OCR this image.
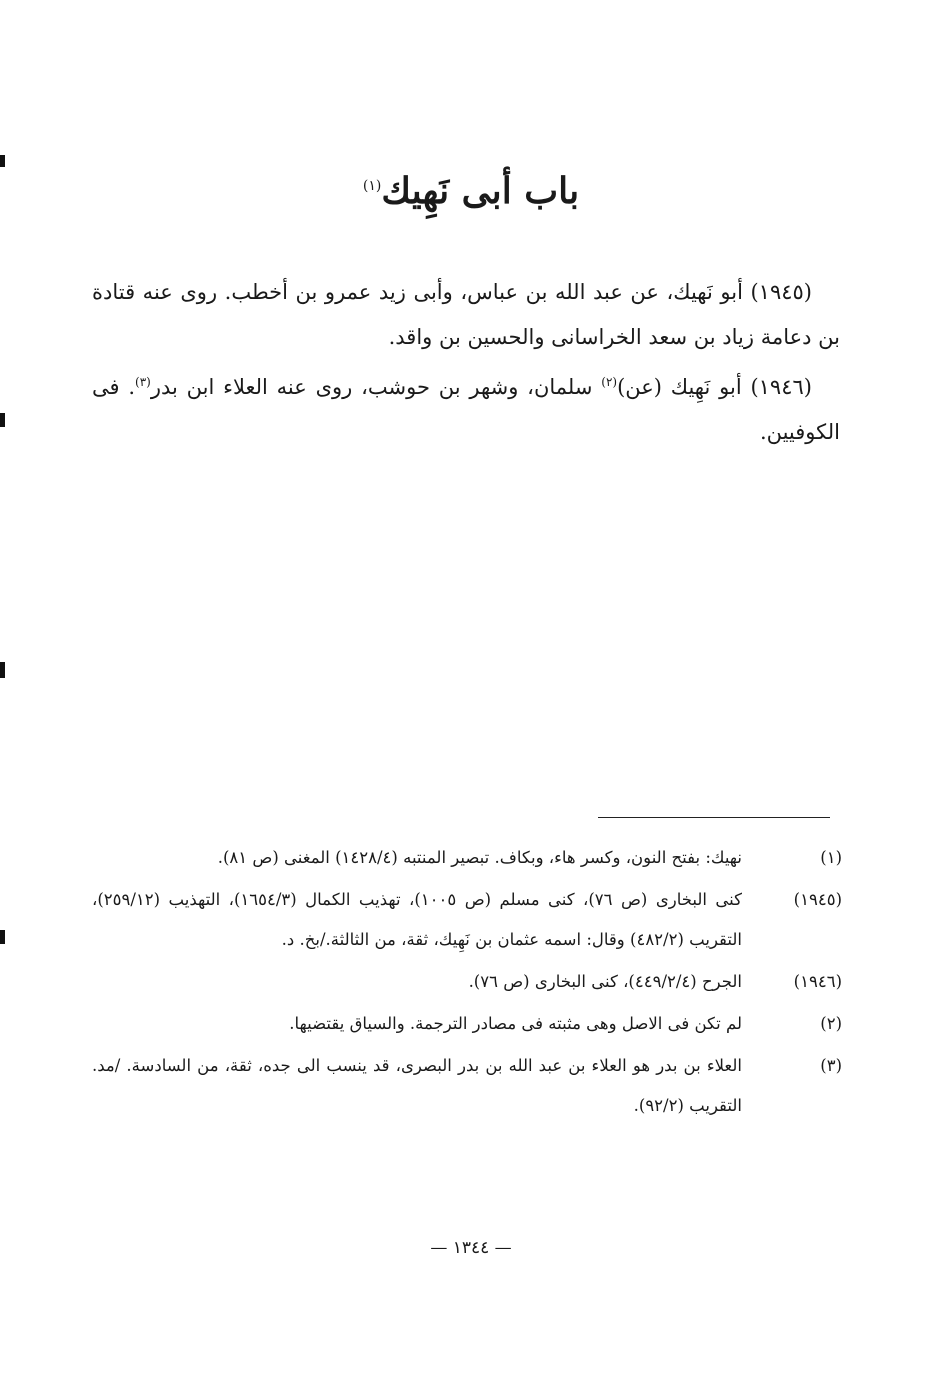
باب أبى نَهِيك$^{(١)}$

(١٩٤٥) أبو نَهيك، عن عبد الله بن عباس، وأبى زيد عمرو بن أخطب. روى عنه قتادة بن دعامة زياد بن سعد الخراسانى والحسين بن واقد.

(١٩٤٦) أبو نَهِيك (عن)$^{(٢)}$ سلمان، وشهر بن حوشب، روى عنه العلاء ابن بدر$^{(٣)}$. فى الكوفيين.

(١)
نهيك: بفتح النون، وكسر هاء، وبكاف. تبصير المنتبه (١٤٢٨/٤) المغنى (ص ٨١).
(١٩٤٥)
كنى البخارى (ص ٧٦)، كنى مسلم (ص ١٠٠٥)، تهذيب الكمال (١٦٥٤/٣)، التهذيب (٢٥٩/١٢)، التقريب (٤٨٢/٢) وقال: اسمه عثمان بن نَهِيك، ثقة، من الثالثة./بخ. د.
(١٩٤٦)
الجرح (٤٤٩/٢/٤)، كنى البخارى (ص ٧٦).
(٢)
لم تكن فى الاصل وهى مثبته فى مصادر الترجمة. والسياق يقتضيها.
(٣)
العلاء بن بدر هو العلاء بن عبد الله بن بدر البصرى، قد ينسب الى جده، ثقة، من السادسة. /مد. التقريب (٩٢/٢).
— ١٣٤٤ —
